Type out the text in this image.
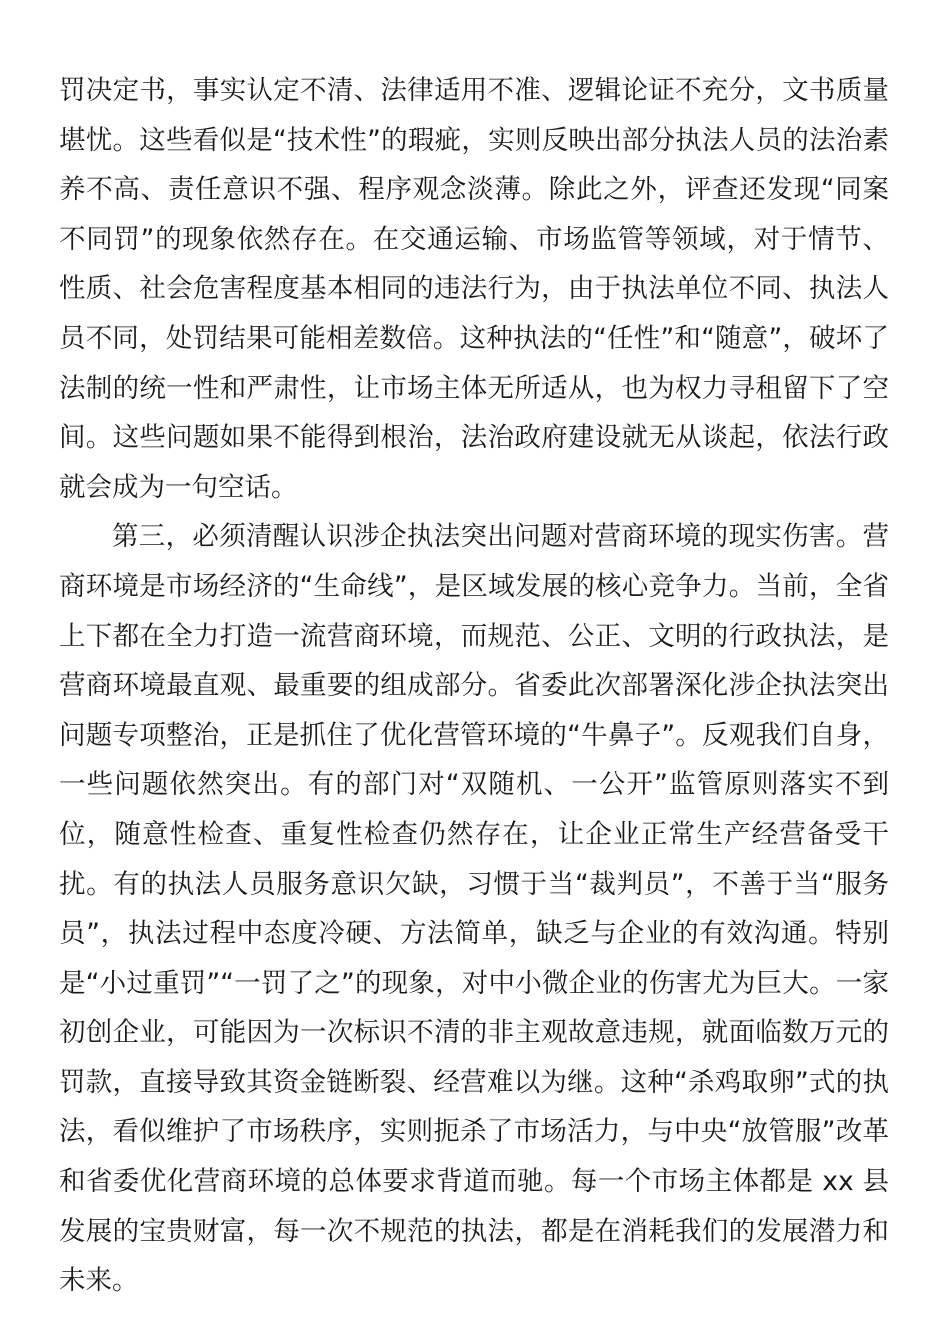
罚决定书，事实认定不清、法律适用不准、逻辑论证不充分，文书质量堪忧。这些看似是“技术性”的瑕疵，实则反映出部分执法人员的法治素养不高、责任意识不强、程序观念淡薄。除此之外，评查还发现“同案不同罚”的现象依然存在。在交通运输、市场监管等领域，对于情节、性质、社会危害程度基本相同的违法行为，由于执法单位不同、执法人员不同，处罚结果可能相差数倍。这种执法的“任性”和“随意”，破坏了法制的统一性和严肃性，让市场主体无所适从，也为权力寻租留下了空间。这些问题如果不能得到根治，法治政府建设就无从谈起，依法行政就会成为一句空话。

第三，必须清醒认识涉企执法突出问题对营商环境的现实伤害。营商环境是市场经济的“生命线”，是区域发展的核心竞争力。当前，全省上下都在全力打造一流营商环境，而规范、公正、文明的行政执法，是营商环境最直观、最重要的组成部分。省委此次部署深化涉企执法突出问题专项整治，正是抓住了优化营管环境的“牛鼻子”。反观我们自身，一些问题依然突出。有的部门对“双随机、一公开”监管原则落实不到位，随意性检查、重复性检查仍然存在，让企业正常生产经营备受干扰。有的执法人员服务意识欠缺，习惯于当“裁判员”，不善于当“服务员”，执法过程中态度冷硬、方法简单，缺乏与企业的有效沟通。特别是“小过重罚”“一罚了之”的现象，对中小微企业的伤害尤为巨大。一家初创企业，可能因为一次标识不清的非主观故意违规，就面临数万元的罚款，直接导致其资金链断裂、经营难以为继。这种“杀鸡取卵”式的执法，看似维护了市场秩序，实则扼杀了市场活力，与中央“放管服”改革和省委优化营商环境的总体要求背道而驰。每一个市场主体都是 xx 县发展的宝贵财富，每一次不规范的执法，都是在消耗我们的发展潜力和未来。
